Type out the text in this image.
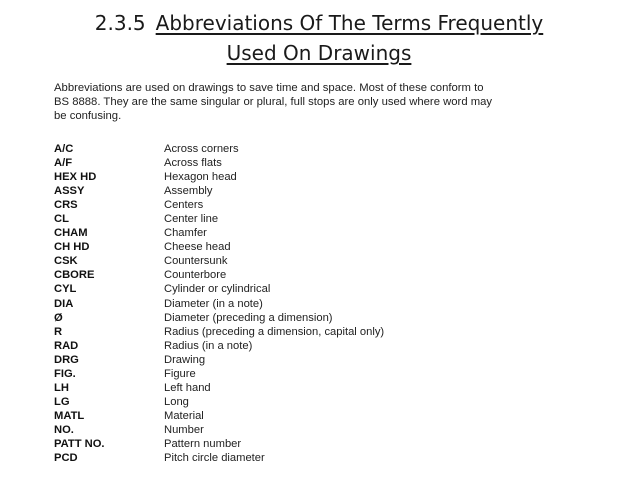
2.3.5 Abbreviations Of The Terms Frequently
Used On Drawings

Abbreviations are used on drawings to save time and space. Most of these conform to

BS 8888. They are the same singular or plural, full stops are only used where word may

be confusing.

A/C	Across corners
A/F	Across flats
HEX HD	Hexagon head
ASSY	Assembly
CRS	Centers
CL	Center line
CHAM	Chamfer
CH HD	Cheese head
CSK	Countersunk
CBORE	Counterbore
CYL	Cylinder or cylindrical
DIA	Diameter (in a note)
Ø	Diameter (preceding a dimension)
R	Radius (preceding a dimension, capital only)
RAD	Radius (in a note)
DRG	Drawing
FIG.	Figure
LH	Left hand
LG	Long
MATL	Material
NO.	Number
PATT NO.	Pattern number
PCD	Pitch circle diameter
